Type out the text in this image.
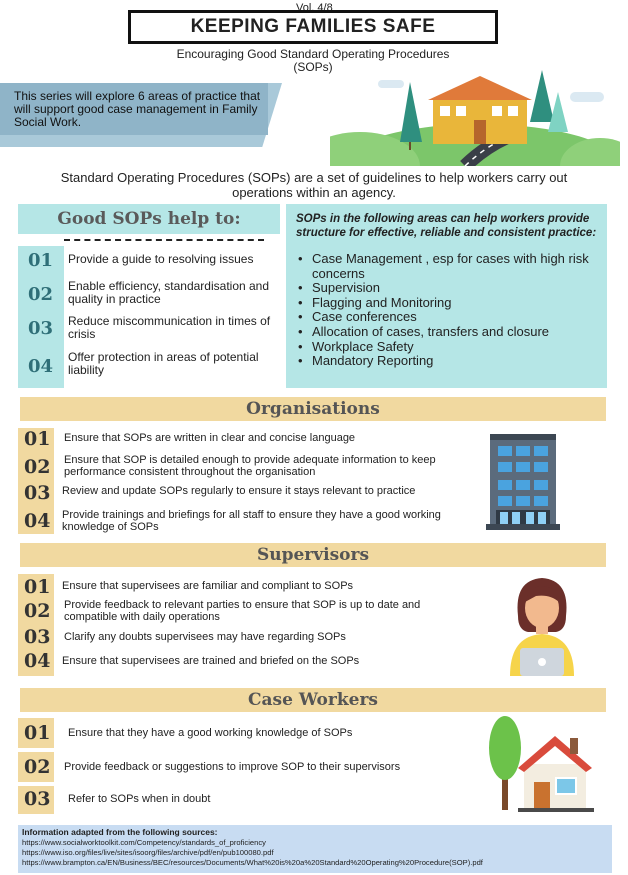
Vol. 4/8
KEEPING FAMILIES SAFE
Encouraging Good Standard Operating Procedures (SOPs)
This series will explore 6 areas of practice that will support good case management in Family Social Work.
Standard Operating Procedures (SOPs) are a set of guidelines to help workers carry out operations within an agency.
Good SOPs help to:
01 Provide a guide to resolving issues
02 Enable efficiency, standardisation and quality in practice
03 Reduce miscommunication in times of crisis
04 Offer protection in areas of potential liability
SOPs in the following areas can help workers provide structure for effective, reliable and consistent practice:
• Case Management , esp for cases with high risk concerns
• Supervision
• Flagging and Monitoring
• Case conferences
• Allocation of cases, transfers and closure
• Workplace Safety
• Mandatory Reporting
Organisations
01 Ensure that SOPs are written in clear and concise language
02 Ensure that SOP is detailed enough to provide adequate information to keep performance consistent throughout the organisation
03 Review and update SOPs regularly to ensure it stays relevant to practice
04 Provide trainings and briefings for all staff to ensure they have a good working knowledge of SOPs
Supervisors
01 Ensure that supervisees are familiar and compliant to SOPs
02 Provide feedback to relevant parties to ensure that SOP is up to date and compatible with daily operations
03 Clarify any doubts supervisees may have regarding SOPs
04 Ensure that supervisees are trained and briefed on the SOPs
Case Workers
01 Ensure that they have a good working knowledge of SOPs
02 Provide feedback or suggestions to improve SOP to their supervisors
03 Refer to SOPs when in doubt
Information adapted from the following sources:
https://www.socialworktoolkit.com/Competency/standards_of_proficiency
https://www.iso.org/files/live/sites/isoorg/files/archive/pdf/en/pub100080.pdf
https://www.brampton.ca/EN/Business/BEC/resources/Documents/What%20is%20a%20Standard%20Operating%20Procedure(SOP).pdf
